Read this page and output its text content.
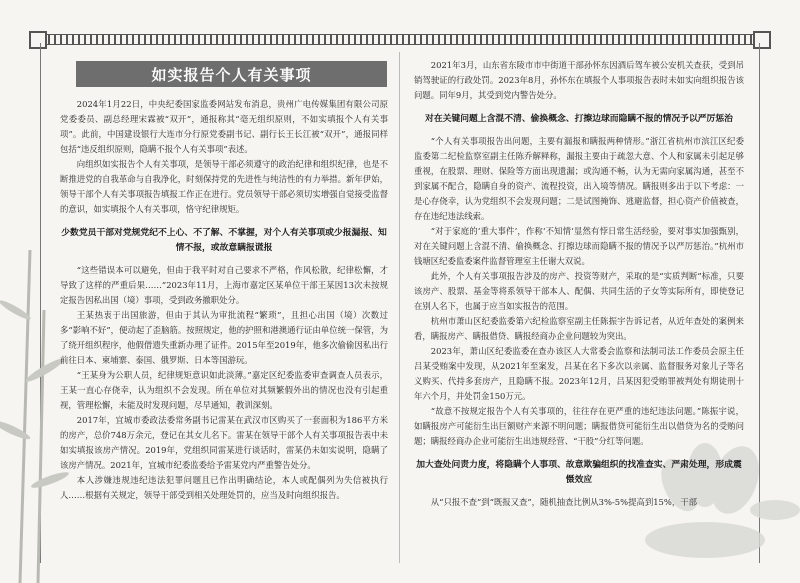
如实报告个人有关事项

2024年1月22日，中央纪委国家监委网站发布消息，贵州广电传媒集团有限公司原党委委员、副总经理宋霖被“双开”，通报称其“毫无组织原则，不如实填报个人有关事项”。此前，中国建设银行大连市分行原党委副书记、副行长王长江被“双开”，通报同样包括“违反组织原则，隐瞒不报个人有关事项”表述。

向组织如实报告个人有关事项，是领导干部必须遵守的政治纪律和组织纪律，也是不断推进党的自我革命与自我净化，时刻保持党的先进性与纯洁性的有力举措。新年伊始，领导干部个人有关事项报告填报工作正在进行。党员领导干部必须切实增强自觉接受监督的意识，如实填报个人有关事项，恪守纪律规矩。

少数党员干部对党规党纪不上心、不了解、不掌握，对个人有关事项或少报漏报、知情不报，或故意瞒报谎报

“这些错误本可以避免，但由于我平时对自己要求不严格，作风松散，纪律松懈，才导致了这样的严重后果……”2023年11月，上海市嘉定区某单位干部王某因13次未按规定报告因私出国（境）事项，受到政务撤职处分。

王某热衷于出国旅游，但由于其认为审批流程“繁琐”，且担心出国（境）次数过多“影响不好”，便动起了歪脑筋。按照规定，他的护照和港澳通行证由单位统一保管，为了绕开组织程序，他假借遗失重新办理了证件。2015年至2019年，他多次偷偷因私出行前往日本、柬埔寨、泰国、俄罗斯、日本等国游玩。

“王某身为公职人员，纪律规矩意识如此淡薄。”嘉定区纪委监委审查调查人员表示，王某一直心存侥幸，认为组织不会发现。所在单位对其频繁假外出的情况也没有引起重视，管理松懈，未能及时发现问题，尽早通知，教训深刻。

2017年，宜城市委政法委常务副书记雷某在武汉市区购买了一套面积为186平方米的房产，总价748万余元，登记在其女儿名下。雷某在领导干部个人有关事项报告表中未如实填报该房产情况。2019年，党组织同雷某进行谈话时，雷某仍未如实说明，隐瞒了该房产情况。2021年，宜城市纪委监委给予雷某党内严重警告处分。

本人涉嫌违规违纪违法犯罪问题且已作出明确结论，本人或配偶列为失信被执行人……根据有关规定，领导干部受到相关处理处罚的，应当及时向组织报告。

2021年3月，山东省东陵市市中街道干部孙怀东因酒后驾车被公安机关查获，受到吊销驾驶证的行政处罚。2023年8月，孙怀东在填报个人事项报告表时未如实向组织报告该问题。同年9月，其受到党内警告处分。

对在关键问题上含混不清、偷换概念、打擦边球而隐瞒不报的情况予以严厉惩治

“个人有关事项报告出问题，主要有漏报和瞒报两种情形。”浙江省杭州市滨江区纪委监委第二纪检监察室副主任陈乔解释称，漏报主要由于疏忽大意、个人和家属未引起足够重视，在股票、理财、保险等方面出现遗漏；或沟通不畅，认为无需向家属沟通，甚至不到家属不配合，隐瞒自身的资产、流程投资，出入境等情况。瞒报则多出于以下考虑：一是心存侥幸，认为党组织不会发现问题；二是试图掩饰、逃避监督，担心资产价值被查，存在违纪违法线索。

“对于家庭的‘重大事件’，作称‘不知情’显然有悖日常生活经验，要对事实加强甄别，对在关键问题上含混不清、偷换概念、打擦边球而隐瞒不报的情况予以严厉惩治。”杭州市钱塘区纪委监委案件监督管理室主任谢大双说。

此外，个人有关事项报告涉及的房产、投资等财产，采取的是“实质判断”标准，只要该房产、股票、基金等将系领导干部本人、配偶、共同生活的子女等实际所有，即使登记在别人名下，也属于应当如实报告的范围。

杭州市萧山区纪委监委第六纪检监察室副主任陈振宇告诉记者，从近年查处的案例来看，瞒报房产、瞒报借贷、瞒报经商办企业问题较为突出。

2023年，萧山区纪委监委在查办该区人大常委会监察和法制司法工作委员会原主任吕某受贿案中发现，从2021年至案发，吕某在名下多次以亲属、监督服务对象儿子等名义购买、代持多套房产，且隐瞒不报。2023年12月，吕某因犯受贿罪被判处有期徒刑十年六个月，并处罚金150万元。

“故意不按规定报告个人有关事项的，往往存在更严重的违纪违法问题。”陈振宇说，如瞒报房产可能衍生出巨额财产来源不明问题；瞒报借贷可能衍生出以借贷为名的受贿问题；瞒报经商办企业可能衍生出违规经营、“干股”分红等问题。

加大查处问责力度，将隐瞒个人事项、故意欺骗组织的找准查实、严肃处理，形成震慑效应

从“只报不查”到“既报又查”，随机抽查比例从3%-5%提高到15%，干部
